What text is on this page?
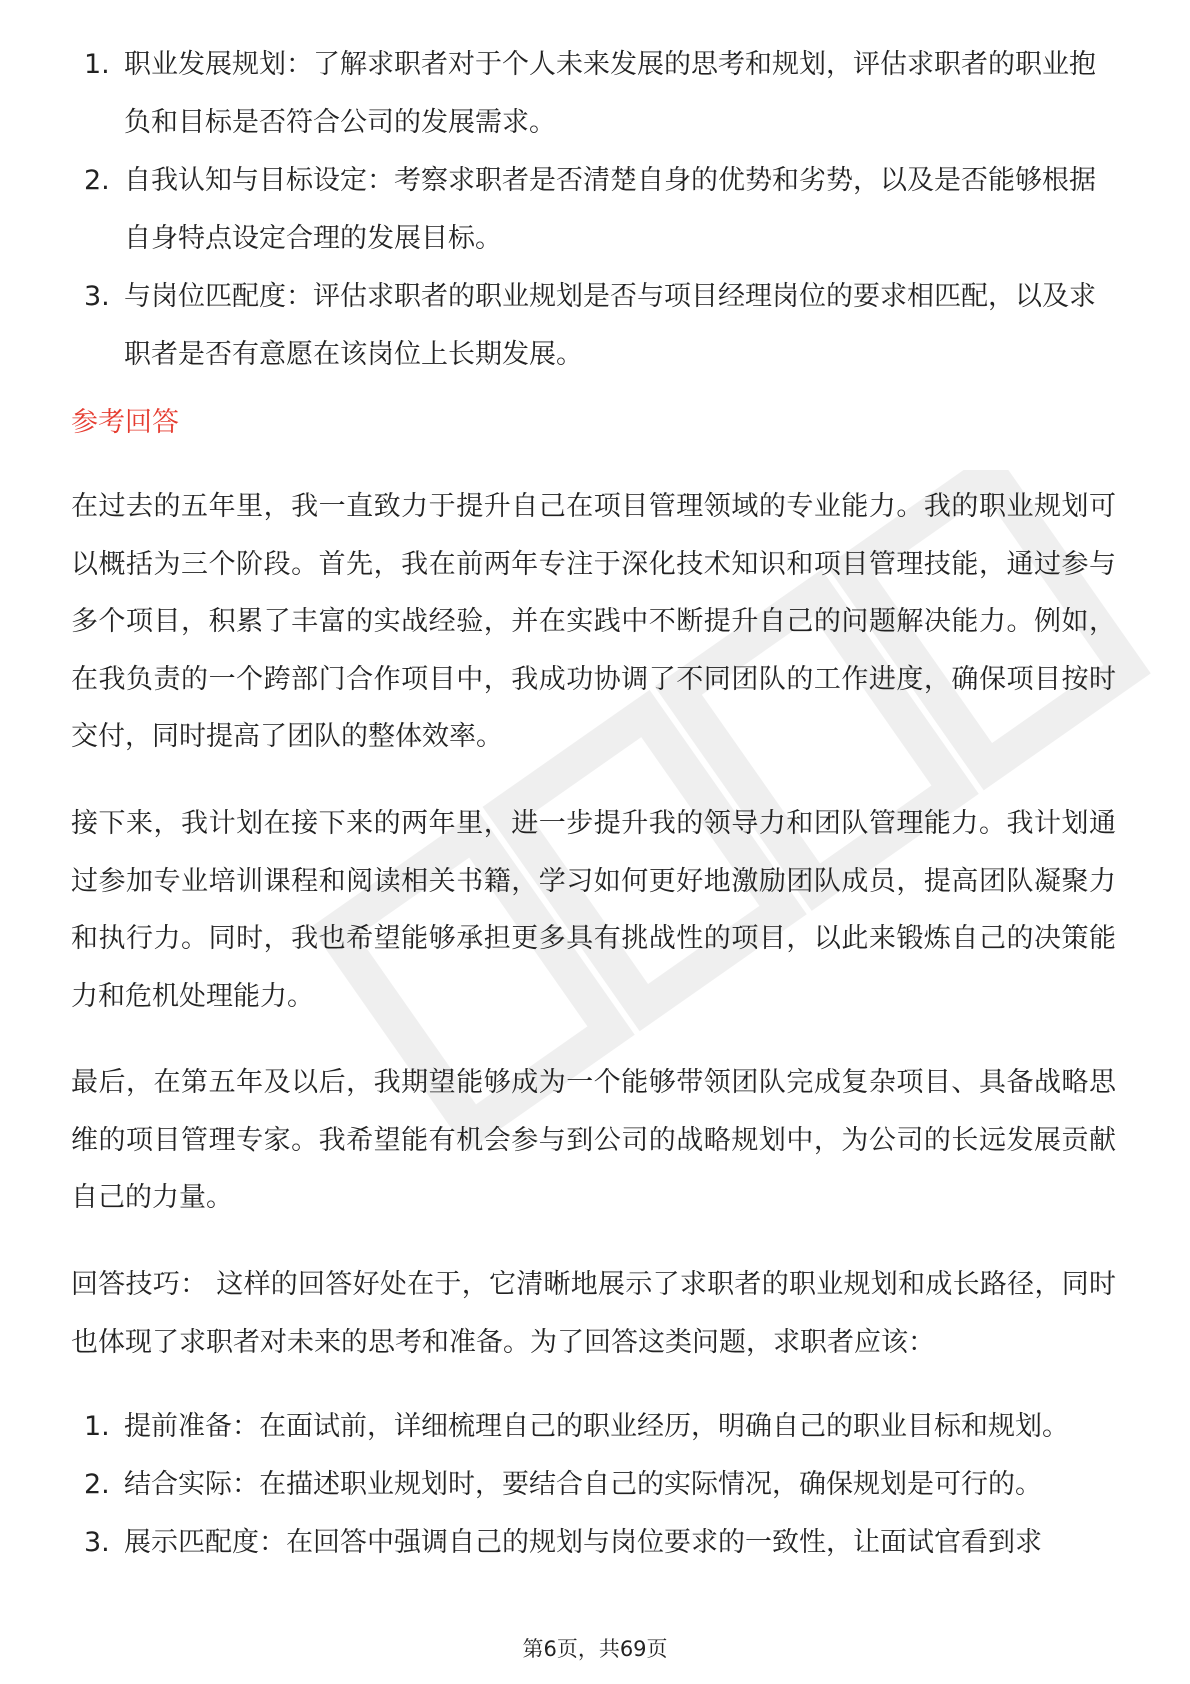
1. 职业发展规划：了解求职者对于个人未来发展的思考和规划，评估求职者的职业抱负和目标是否符合公司的发展需求。

2. 自我认知与目标设定：考察求职者是否清楚自身的优势和劣势，以及是否能够根据自身特点设定合理的发展目标。

3. 与岗位匹配度：评估求职者的职业规划是否与项目经理岗位的要求相匹配，以及求职者是否有意愿在该岗位上长期发展。

参考回答

在过去的五年里，我一直致力于提升自己在项目管理领域的专业能力。我的职业规划可以概括为三个阶段。首先，我在前两年专注于深化技术知识和项目管理技能，通过参与多个项目，积累了丰富的实战经验，并在实践中不断提升自己的问题解决能力。例如，在我负责的一个跨部门合作项目中，我成功协调了不同团队的工作进度，确保项目按时交付，同时提高了团队的整体效率。

接下来，我计划在接下来的两年里，进一步提升我的领导力和团队管理能力。我计划通过参加专业培训课程和阅读相关书籍，学习如何更好地激励团队成员，提高团队凝聚力和执行力。同时，我也希望能够承担更多具有挑战性的项目，以此来锻炼自己的决策能力和危机处理能力。

最后，在第五年及以后，我期望能够成为一个能够带领团队完成复杂项目、具备战略思维的项目管理专家。我希望能有机会参与到公司的战略规划中，为公司的长远发展贡献自己的力量。

回答技巧： 这样的回答好处在于，它清晰地展示了求职者的职业规划和成长路径，同时也体现了求职者对未来的思考和准备。为了回答这类问题，求职者应该：

1. 提前准备：在面试前，详细梳理自己的职业经历，明确自己的职业目标和规划。

2. 结合实际：在描述职业规划时，要结合自己的实际情况，确保规划是可行的。

3. 展示匹配度：在回答中强调自己的规划与岗位要求的一致性，让面试官看到求

第6页，共69页
